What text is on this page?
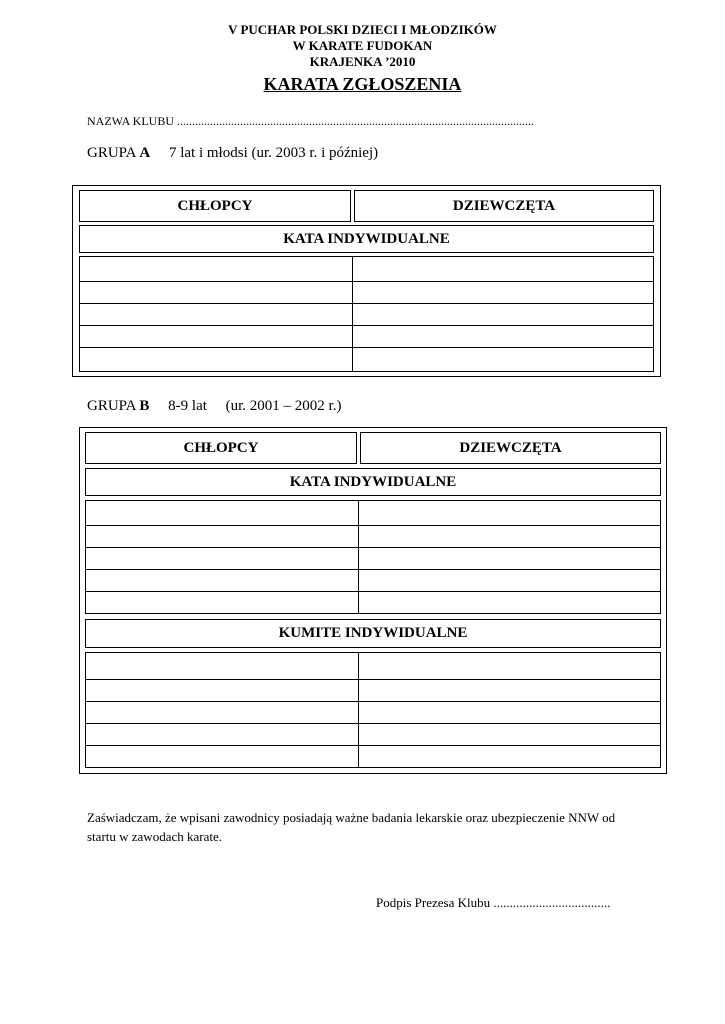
V PUCHAR POLSKI DZIECI I MŁODZIKÓW
W KARATE FUDOKAN
KRAJENKA ’2010
KARATA ZGŁOSZENIA
NAZWA KLUBU .......................................................................................................................
GRUPA A 7 lat i młodsi (ur. 2003 r. i później)
CHŁOPCY	DZIEWCZĘTA
KATA INDYWIDUALNE
GRUPA B 8-9 lat     (ur. 2001 – 2002 r.)
CHŁOPCY	DZIEWCZĘTA
KATA INDYWIDUALNE
KUMITE INDYWIDUALNE
Zaświadczam, że wpisani zawodnicy posiadają ważne badania lekarskie oraz ubezpieczenie NNW od startu w zawodach karate.
Podpis Prezesa Klubu ....................................
